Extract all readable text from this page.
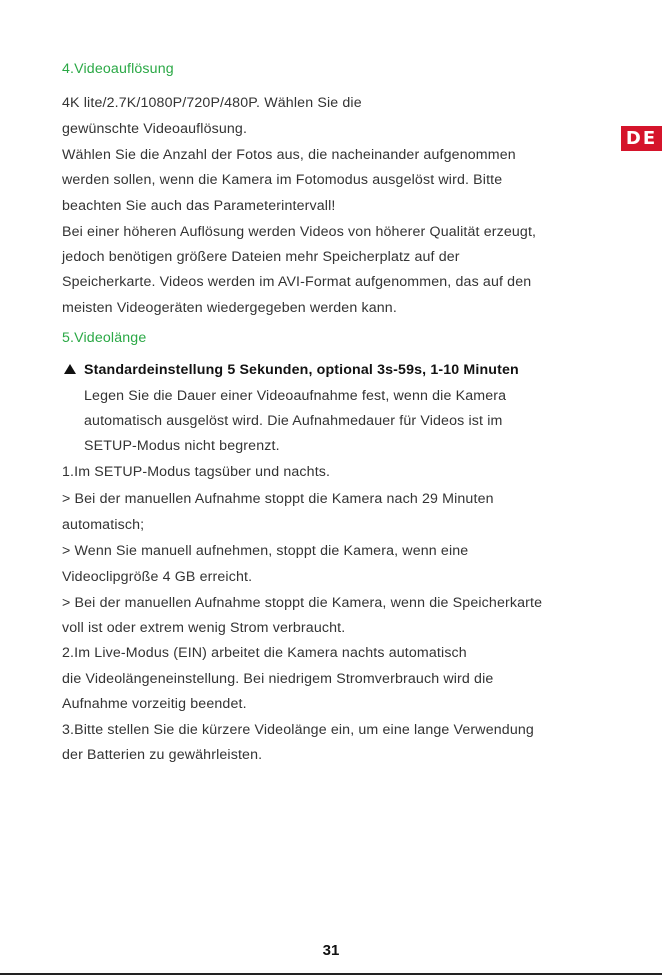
DE
4.Videoauflösung
4K lite/2.7K/1080P/720P/480P. Wählen Sie die
gewünschte Videoauflösung.
Wählen Sie die Anzahl der Fotos aus, die nacheinander aufgenommen
werden sollen, wenn die Kamera im Fotomodus ausgelöst wird. Bitte
beachten Sie auch das Parameterintervall!
Bei einer höheren Auflösung werden Videos von höherer Qualität erzeugt,
jedoch benötigen größere Dateien mehr Speicherplatz auf der
Speicherkarte. Videos werden im AVI-Format aufgenommen, das auf den
meisten Videogeräten wiedergegeben werden kann.
5.Videolänge
Standardeinstellung 5 Sekunden, optional 3s-59s, 1-10 Minuten
Legen Sie die Dauer einer Videoaufnahme fest, wenn die Kamera
automatisch ausgelöst wird. Die Aufnahmedauer für Videos ist im
SETUP-Modus nicht begrenzt.
1.Im SETUP-Modus tagsüber und nachts.
> Bei der manuellen Aufnahme stoppt die Kamera nach 29 Minuten
automatisch;
> Wenn Sie manuell aufnehmen, stoppt die Kamera, wenn eine
Videoclipgröße 4 GB erreicht.
> Bei der manuellen Aufnahme stoppt die Kamera, wenn die Speicherkarte
voll ist oder extrem wenig Strom verbraucht.
2.Im Live-Modus (EIN) arbeitet die Kamera nachts automatisch
die Videolängeneinstellung. Bei niedrigem Stromverbrauch wird die
Aufnahme vorzeitig beendet.
3.Bitte stellen Sie die kürzere Videolänge ein, um eine lange Verwendung
der Batterien zu gewährleisten.
31
